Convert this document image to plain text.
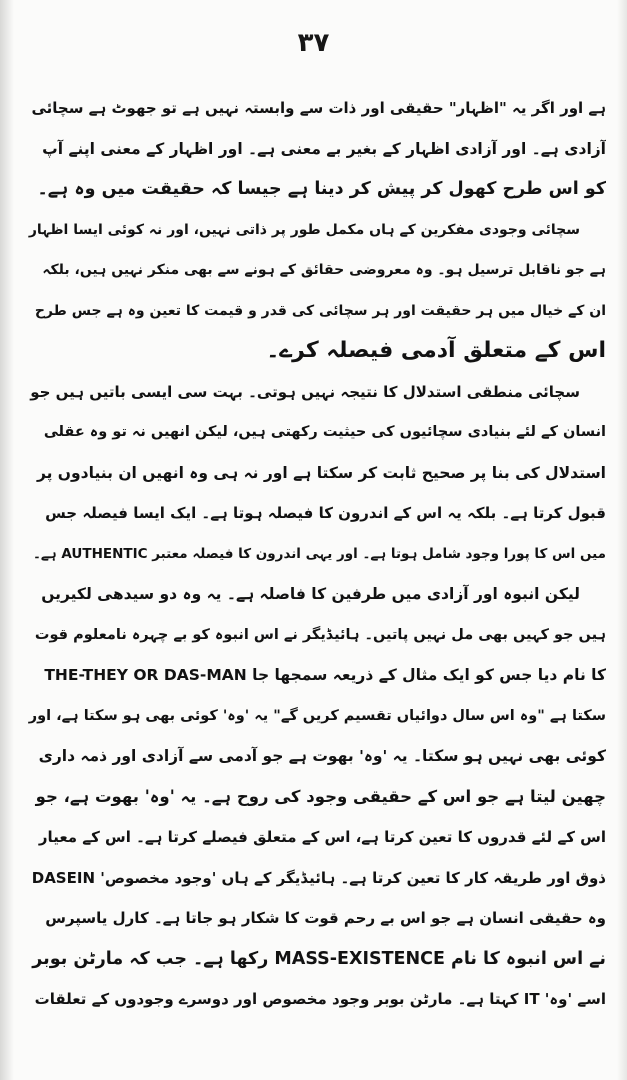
۳۷
ہے اور اگر یہ "اظہار" حقیقی اور ذات سے وابستہ نہیں ہے تو جھوٹ ہے سچائی
آزادی ہے۔ اور آزادی اظہار کے بغیر بے معنی ہے۔ اور اظہار کے معنی اپنے آپ
کو اس طرح کھول کر پیش کر دینا ہے جیسا کہ حقیقت میں وہ ہے۔
سچائی وجودی مفکرین کے ہاں مکمل طور پر ذاتی نہیں، اور نہ کوئی ایسا اظہار
ہے جو ناقابل ترسیل ہو۔ وہ معروضی حقائق کے ہونے سے بھی منکر نہیں ہیں، بلکہ
ان کے خیال میں ہر حقیقت اور ہر سچائی کی قدر و قیمت کا تعین وہ ہے جس طرح
اس کے متعلق آدمی فیصلہ کرے۔
سچائی منطقی استدلال کا نتیجہ نہیں ہوتی۔ بہت سی ایسی باتیں ہیں جو
انسان کے لئے بنیادی سچائیوں کی حیثیت رکھتی ہیں، لیکن انھیں نہ تو وہ عقلی
استدلال کی بنا پر صحیح ثابت کر سکتا ہے اور نہ ہی وہ انھیں ان بنیادوں پر
قبول کرتا ہے۔ بلکہ یہ اس کے اندرون کا فیصلہ ہوتا ہے۔ ایک ایسا فیصلہ جس
میں اس کا پورا وجود شامل ہوتا ہے۔ اور یہی اندرون کا فیصلہ معتبر AUTHENTIC ہے۔
لیکن انبوہ اور آزادی میں طرفین کا فاصلہ ہے۔ یہ وہ دو سیدھی لکیریں
ہیں جو کہیں بھی مل نہیں پاتیں۔ ہائیڈیگر نے اس انبوہ کو بے چہرہ نامعلوم قوت
THE-THEY OR DAS-MAN کا نام دیا جس کو ایک مثال کے ذریعہ سمجھا جا
سکتا ہے "وہ اس سال دوائیاں تقسیم کریں گے" یہ 'وہ' کوئی بھی ہو سکتا ہے، اور
کوئی بھی نہیں ہو سکتا۔ یہ 'وہ' بھوت ہے جو آدمی سے آزادی اور ذمہ داری
چھین لیتا ہے جو اس کے حقیقی وجود کی روح ہے۔ یہ 'وہ' بھوت ہے، جو
اس کے لئے قدروں کا تعین کرتا ہے، اس کے متعلق فیصلے کرتا ہے۔ اس کے معیار
ذوق اور طریقہ کار کا تعین کرتا ہے۔ ہائیڈیگر کے ہاں 'وجود مخصوص' DASEIN
وہ حقیقی انسان ہے جو اس بے رحم قوت کا شکار ہو جاتا ہے۔ کارل یاسپرس
نے اس انبوہ کا نام MASS-EXISTENCE رکھا ہے۔ جب کہ مارٹن بوبر
اسے 'وہ' IT کہتا ہے۔ مارٹن بوبر وجود مخصوص اور دوسرے وجودوں کے تعلقات
